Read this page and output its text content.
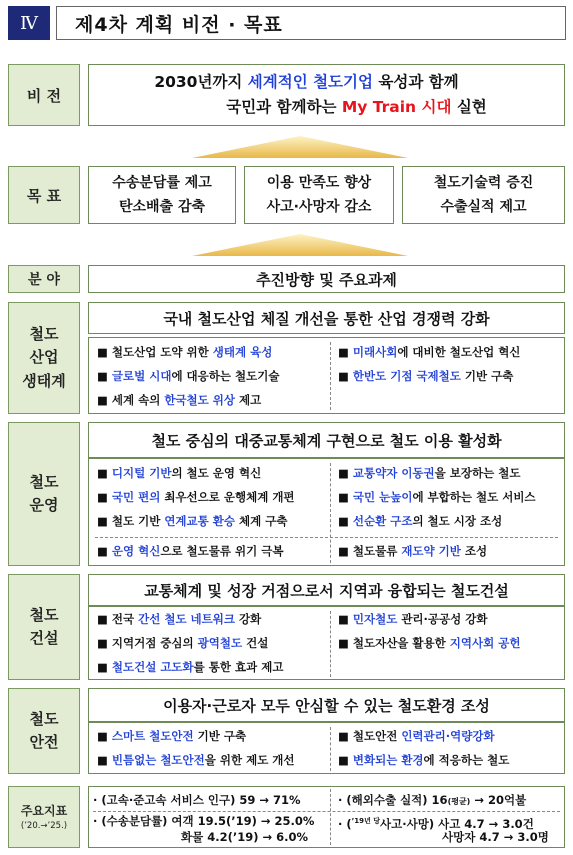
Ⅳ	제4차 계획 비전 · 목표
비 전
2030년까지 세계적인 철도기업 육성과 함께
국민과 함께하는 My Train 시대 실현
목 표
수송분담률 제고
탄소배출 감축
이용 만족도 향상
사고·사망자 감소
철도기술력 증진
수출실적 제고
분 야	추진방향 및 주요과제
철도
산업
생태계
국내 철도산업 체질 개선을 통한 산업 경쟁력 강화
■ 철도산업 도약 위한 생태계 육성
■ 글로벌 시대에 대응하는 철도기술
■ 세계 속의 한국철도 위상 제고
■ 미래사회에 대비한 철도산업 혁신
■ 한반도 기점 국제철도 기반 구축
철도
운영
철도 중심의 대중교통체계 구현으로 철도 이용 활성화
■ 디지털 기반의 철도 운영 혁신
■ 국민 편의 최우선으로 운행체계 개편
■ 철도 기반 연계교통 환승 체계 구축
■ 교통약자 이동권을 보장하는 철도
■ 국민 눈높이에 부합하는 철도 서비스
■ 선순환 구조의 철도 시장 조성
■ 운영 혁신으로 철도물류 위기 극복
■	철도물류 재도약 기반 조성
철도
건설
교통체계 및 성장 거점으로서 지역과 융합되는 철도건설
■ 전국 간선 철도 네트워크 강화
■ 지역거점 중심의 광역철도 건설
■ 철도건설 고도화를 통한 효과 제고
■ 민자철도 관리·공공성 강화
■ 철도자산을 활용한 지역사회 공헌
철도
안전
이용자·근로자 모두 안심할 수 있는 철도환경 조성
■ 스마트 철도안전 기반 구축
■ 빈틈없는 철도안전을 위한 제도 개선
■ 철도안전 인력관리·역량강화
■ 변화되는 환경에 적응하는 철도
주요지표
(’20.→’25.)
· (고속·준고속 서비스 인구) 59 → 71%	· (해외수출 실적) 16(평균) → 20억불
· (수송분담률) 여객 19.5(’19) → 25.0%
화물 4.2(’19) → 6.0%
· ($^{’19년 당}$사고·사망) 사고 4.7 → 3.0건
사망자 4.7 → 3.0명
